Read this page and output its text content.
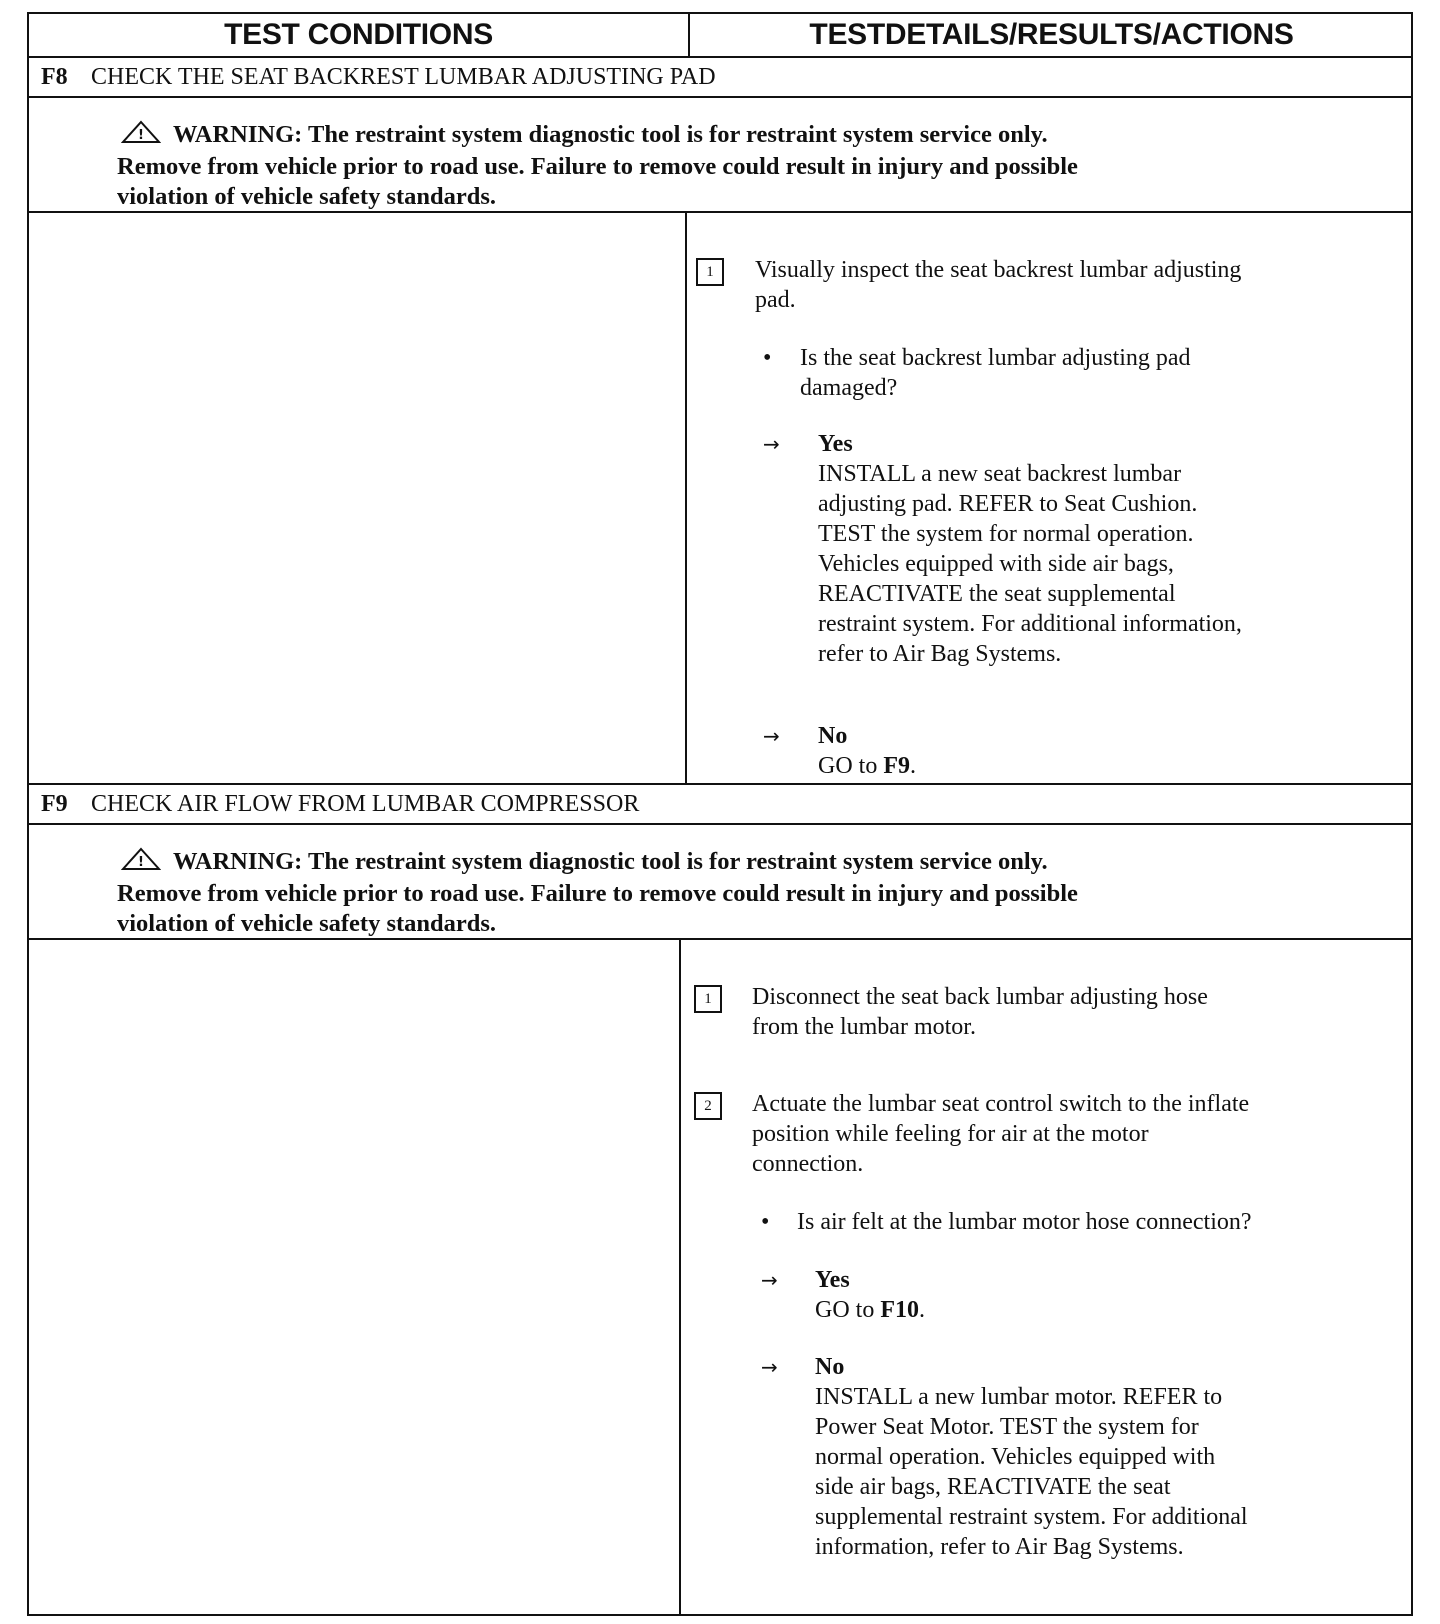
TEST CONDITIONS	TESTDETAILS/RESULTS/ACTIONS
F8 CHECK THE SEAT BACKREST LUMBAR ADJUSTING PAD
! WARNING: The restraint system diagnostic tool is for restraint system service only.
Remove from vehicle prior to road use. Failure to remove could result in injury and possible
violation of vehicle safety standards.
1	Visually inspect the seat backrest lumbar adjusting
pad.
• Is the seat backrest lumbar adjusting pad
damaged?
→ Yes
INSTALL a new seat backrest lumbar
adjusting pad. REFER to Seat Cushion.
TEST the system for normal operation.
Vehicles equipped with side air bags,
REACTIVATE the seat supplemental
restraint system. For additional information,
refer to Air Bag Systems.
→ No
GO to F9.
F9 CHECK AIR FLOW FROM LUMBAR COMPRESSOR
! WARNING: The restraint system diagnostic tool is for restraint system service only.
Remove from vehicle prior to road use. Failure to remove could result in injury and possible
violation of vehicle safety standards.
1	Disconnect the seat back lumbar adjusting hose
from the lumbar motor.
2	Actuate the lumbar seat control switch to the inflate
position while feeling for air at the motor
connection.
• Is air felt at the lumbar motor hose connection?
→ Yes
GO to F10.
→ No
INSTALL a new lumbar motor. REFER to
Power Seat Motor. TEST the system for
normal operation. Vehicles equipped with
side air bags, REACTIVATE the seat
supplemental restraint system. For additional
information, refer to Air Bag Systems.
